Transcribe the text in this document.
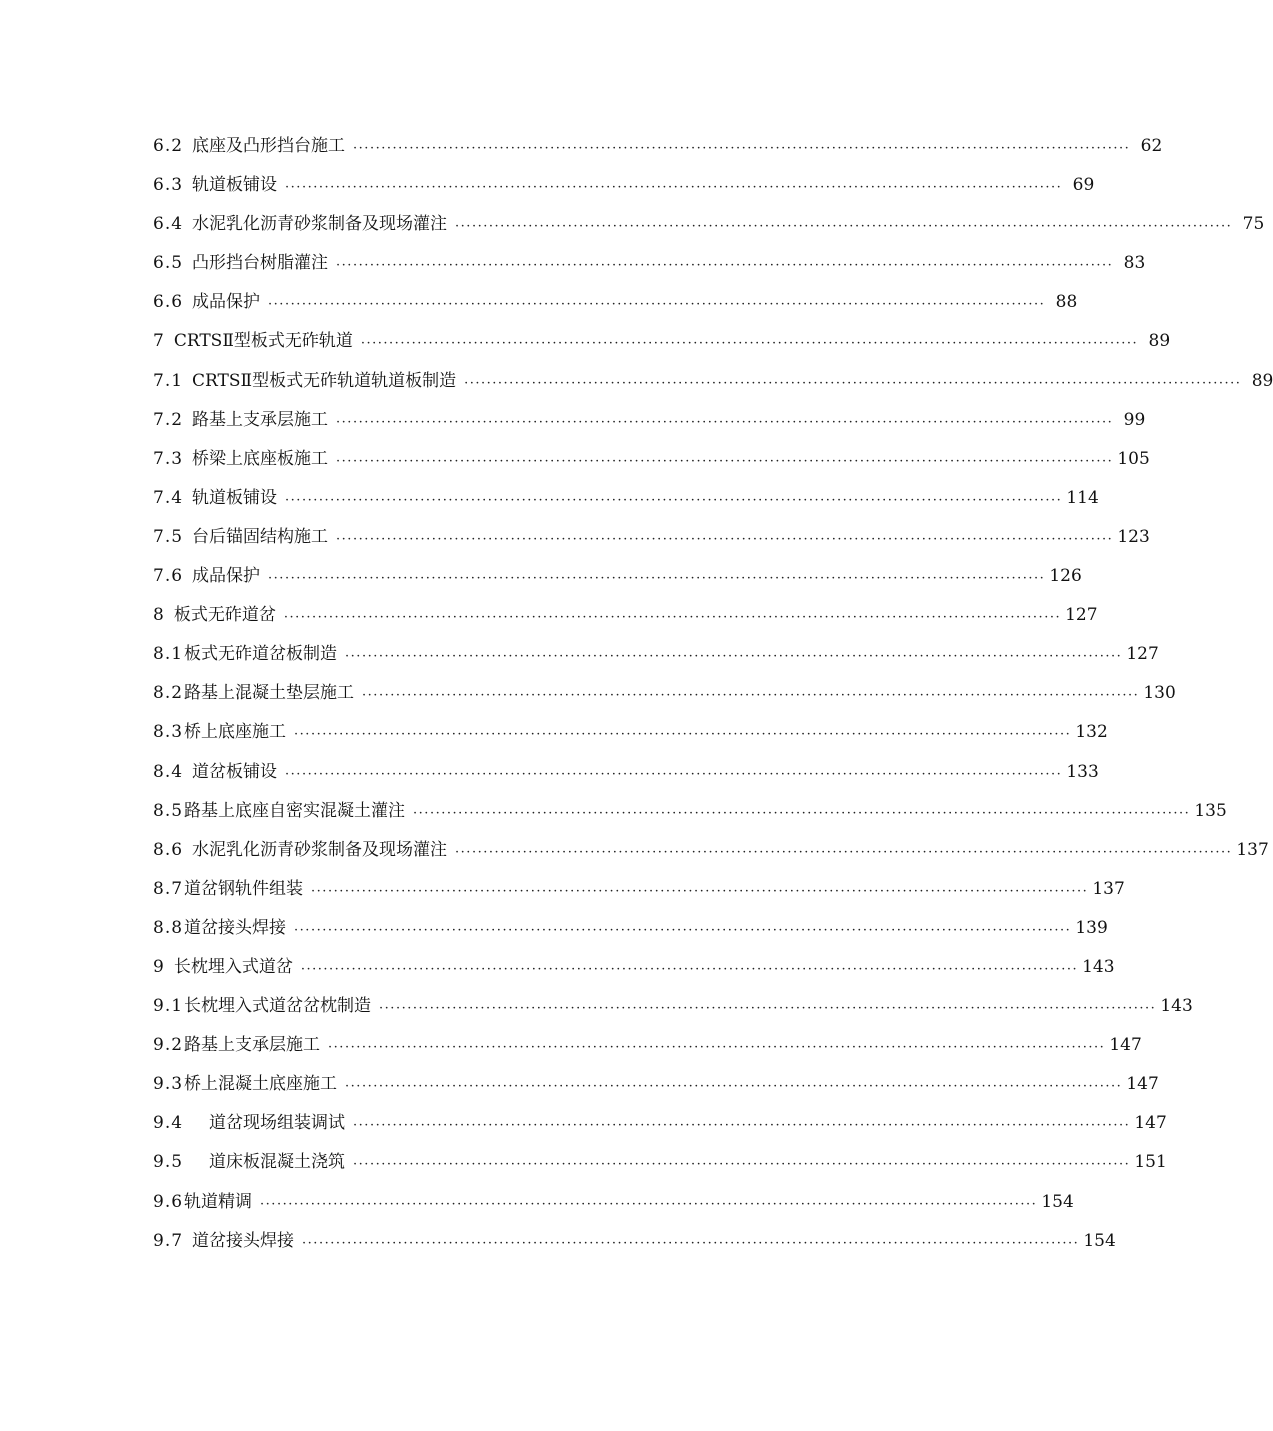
6.2 底座及凸形挡台施工 ·········································································································································· 62
6.3 轨道板铺设 ·········································································································································· 69
6.4 水泥乳化沥青砂浆制备及现场灌注 ·········································································································································· 75
6.5 凸形挡台树脂灌注 ·········································································································································· 83
6.6 成品保护 ·········································································································································· 88
7 CRTSⅡ型板式无砟轨道 ·········································································································································· 89
7.1 CRTSⅡ型板式无砟轨道轨道板制造 ·········································································································································· 89
7.2 路基上支承层施工 ·········································································································································· 99
7.3 桥梁上底座板施工 ·········································································································································· 105
7.4 轨道板铺设 ·········································································································································· 114
7.5 台后锚固结构施工 ·········································································································································· 123
7.6 成品保护 ·········································································································································· 126
8 板式无砟道岔 ·········································································································································· 127
8.1 板式无砟道岔板制造 ·········································································································································· 127
8.2 路基上混凝土垫层施工 ·········································································································································· 130
8.3 桥上底座施工 ·········································································································································· 132
8.4 道岔板铺设 ·········································································································································· 133
8.5 路基上底座自密实混凝土灌注 ·········································································································································· 135
8.6 水泥乳化沥青砂浆制备及现场灌注 ·········································································································································· 137
8.7 道岔钢轨件组装 ·········································································································································· 137
8.8 道岔接头焊接 ·········································································································································· 139
9 长枕埋入式道岔 ·········································································································································· 143
9.1 长枕埋入式道岔岔枕制造 ·········································································································································· 143
9.2 路基上支承层施工 ·········································································································································· 147
9.3 桥上混凝土底座施工 ·········································································································································· 147
9.4 道岔现场组装调试 ·········································································································································· 147
9.5 道床板混凝土浇筑 ·········································································································································· 151
9.6 轨道精调 ·········································································································································· 154
9.7 道岔接头焊接 ·········································································································································· 154
